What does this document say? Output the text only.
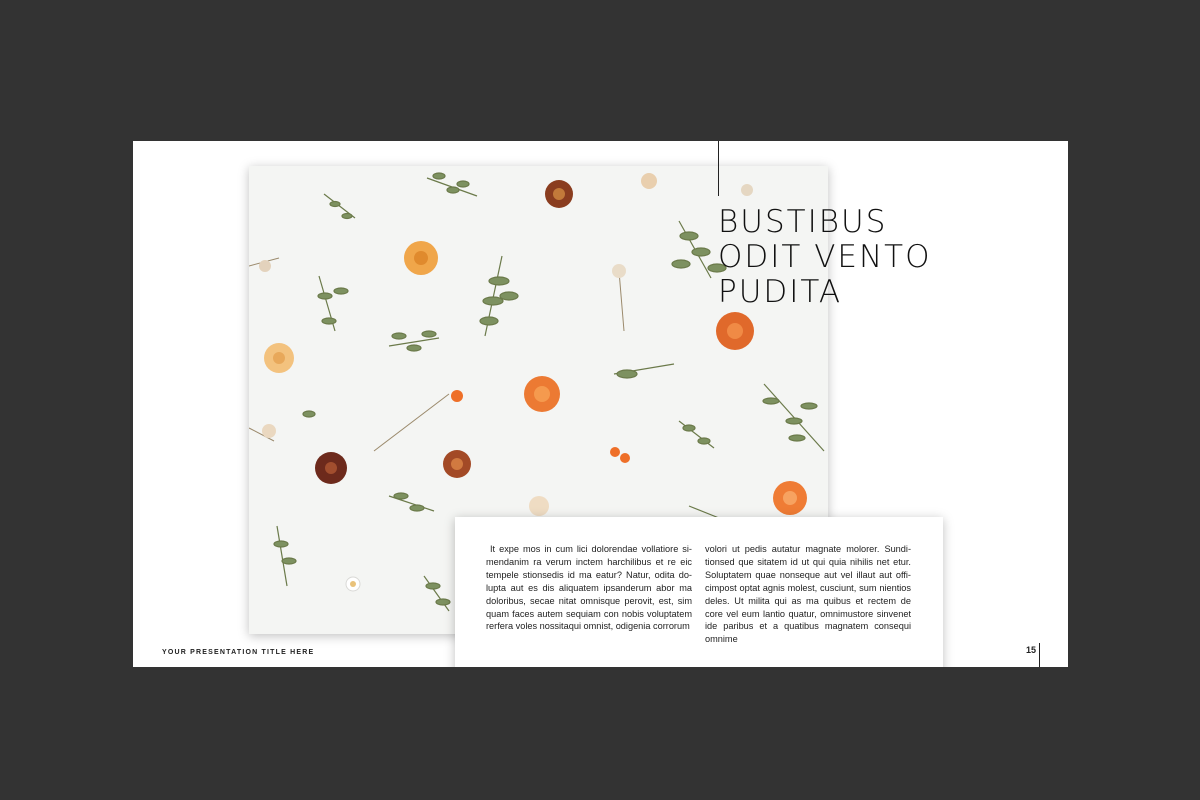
BUSTIBUS
ODIT VENTO
PUDITA

It expe mos in cum lici dolorendae vollatiore si- mendanim ra verum inctem harchilibus et re eic tempele stionsedis id ma eatur? Natur, odita do- lupta aut es dis aliquatem ipsanderum abor ma doloribus, secae nitat omnisque perovit, est, sim quam faces autem sequiam con nobis voluptatem rerfera voles nossitaqui omnist, odigenia corrorum

volori ut pedis autatur magnate molorer. Sundi- tionsed que sitatem id ut qui quia nihilis net etur. Soluptatem quae nonseque aut vel illaut aut offi- cimpost optat agnis molest, cusciunt, sum nientios deles. Ut milita qui as ma quibus et rectem de core vel eum lantio quatur, omnimustore sinvenet ide paribus et a quatibus magnatem consequi omnime

YOUR PRESENTATION TITLE HERE	15
